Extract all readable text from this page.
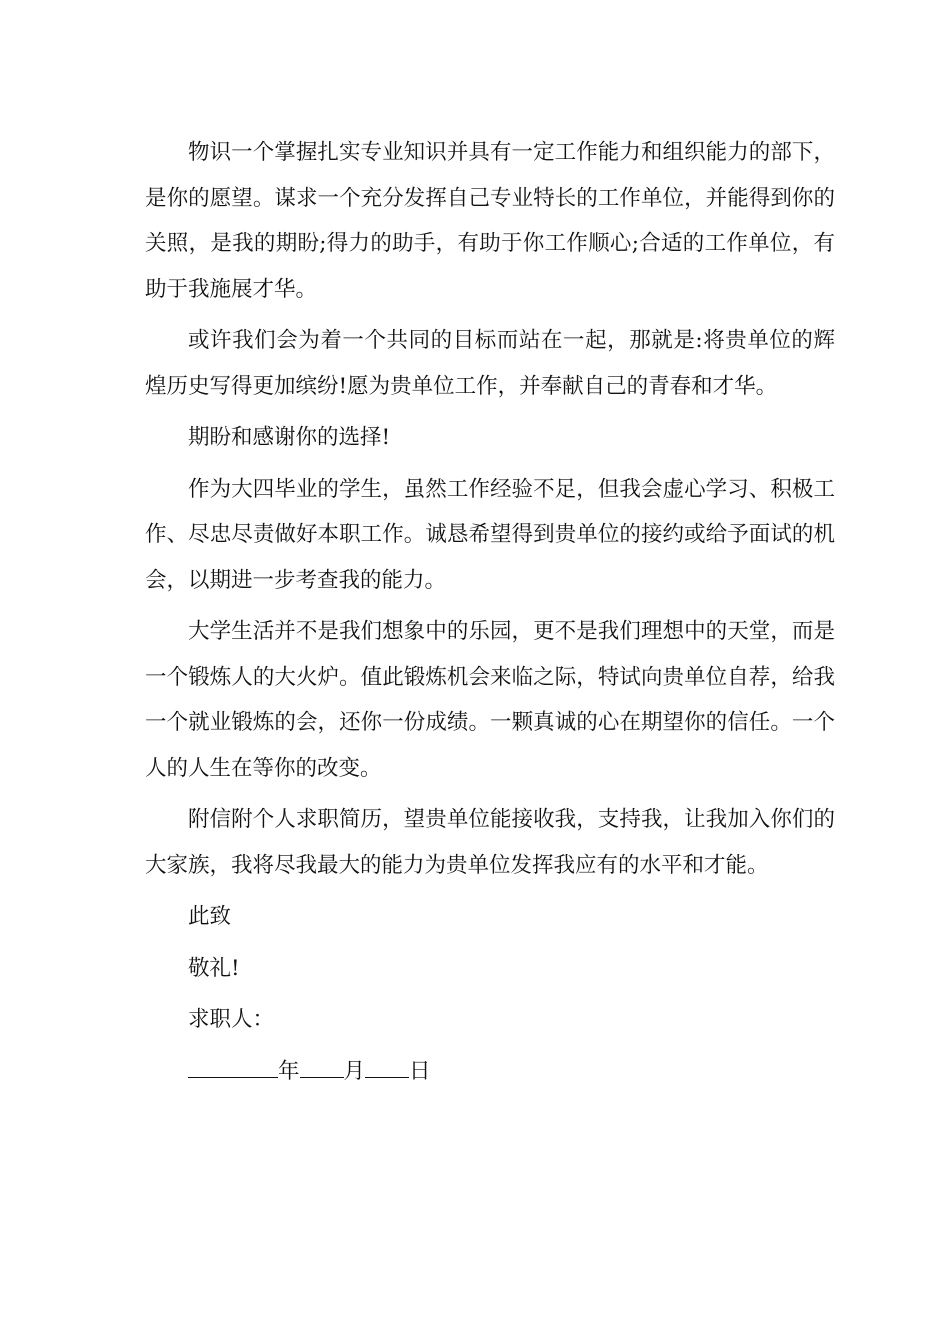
物识一个掌握扎实专业知识并具有一定工作能力和组织能力的部下，是你的愿望。谋求一个充分发挥自己专业特长的工作单位，并能得到你的关照，是我的期盼;得力的助手，有助于你工作顺心;合适的工作单位，有助于我施展才华。

或许我们会为着一个共同的目标而站在一起，那就是:将贵单位的辉煌历史写得更加缤纷!愿为贵单位工作，并奉献自己的青春和才华。

期盼和感谢你的选择!

作为大四毕业的学生，虽然工作经验不足，但我会虚心学习、积极工作、尽忠尽责做好本职工作。诚恳希望得到贵单位的接约或给予面试的机会，以期进一步考查我的能力。

大学生活并不是我们想象中的乐园，更不是我们理想中的天堂，而是一个锻炼人的大火炉。值此锻炼机会来临之际，特试向贵单位自荐，给我一个就业锻炼的会，还你一份成绩。一颗真诚的心在期望你的信任。一个人的人生在等你的改变。

附信附个人求职简历，望贵单位能接收我，支持我，让我加入你们的大家族，我将尽我最大的能力为贵单位发挥我应有的水平和才能。

此致
敬礼!
求职人：
年 月 日
